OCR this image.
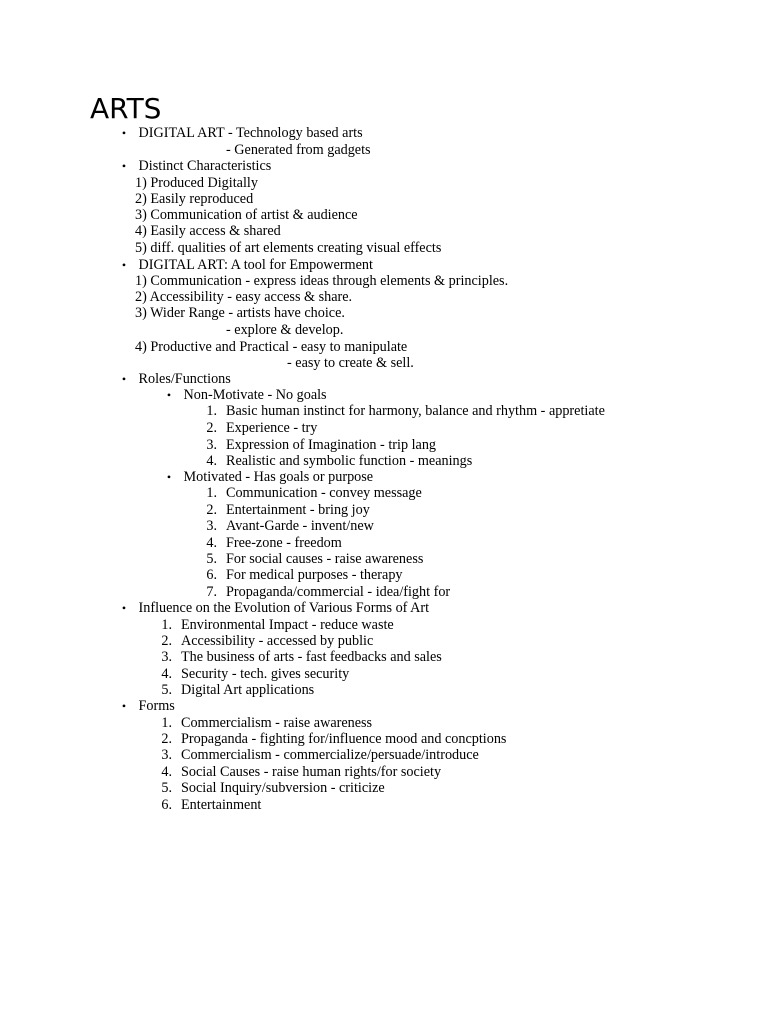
ARTS
• DIGITAL ART - Technology based arts
- Generated from gadgets
• Distinct Characteristics
1) Produced Digitally
2) Easily reproduced
3) Communication of artist & audience
4) Easily access & shared
5) diff. qualities of art elements creating visual effects
• DIGITAL ART: A tool for Empowerment
1) Communication - express ideas through elements & principles.
2) Accessibility - easy access & share.
3) Wider Range - artists have choice.
- explore & develop.
4) Productive and Practical - easy to manipulate
- easy to create & sell.
• Roles/Functions
• Non-Motivate - No goals
1. Basic human instinct for harmony, balance and rhythm - appretiate
2. Experience - try
3. Expression of Imagination - trip lang
4. Realistic and symbolic function - meanings
• Motivated - Has goals or purpose
1. Communication - convey message
2. Entertainment - bring joy
3. Avant-Garde - invent/new
4. Free-zone - freedom
5. For social causes - raise awareness
6. For medical purposes - therapy
7. Propaganda/commercial - idea/fight for
• Influence on the Evolution of Various Forms of Art
1. Environmental Impact - reduce waste
2. Accessibility - accessed by public
3. The business of arts - fast feedbacks and sales
4. Security - tech. gives security
5. Digital Art applications
• Forms
1. Commercialism - raise awareness
2. Propaganda - fighting for/influence mood and concptions
3. Commercialism - commercialize/persuade/introduce
4. Social Causes - raise human rights/for society
5. Social Inquiry/subversion - criticize
6. Entertainment
